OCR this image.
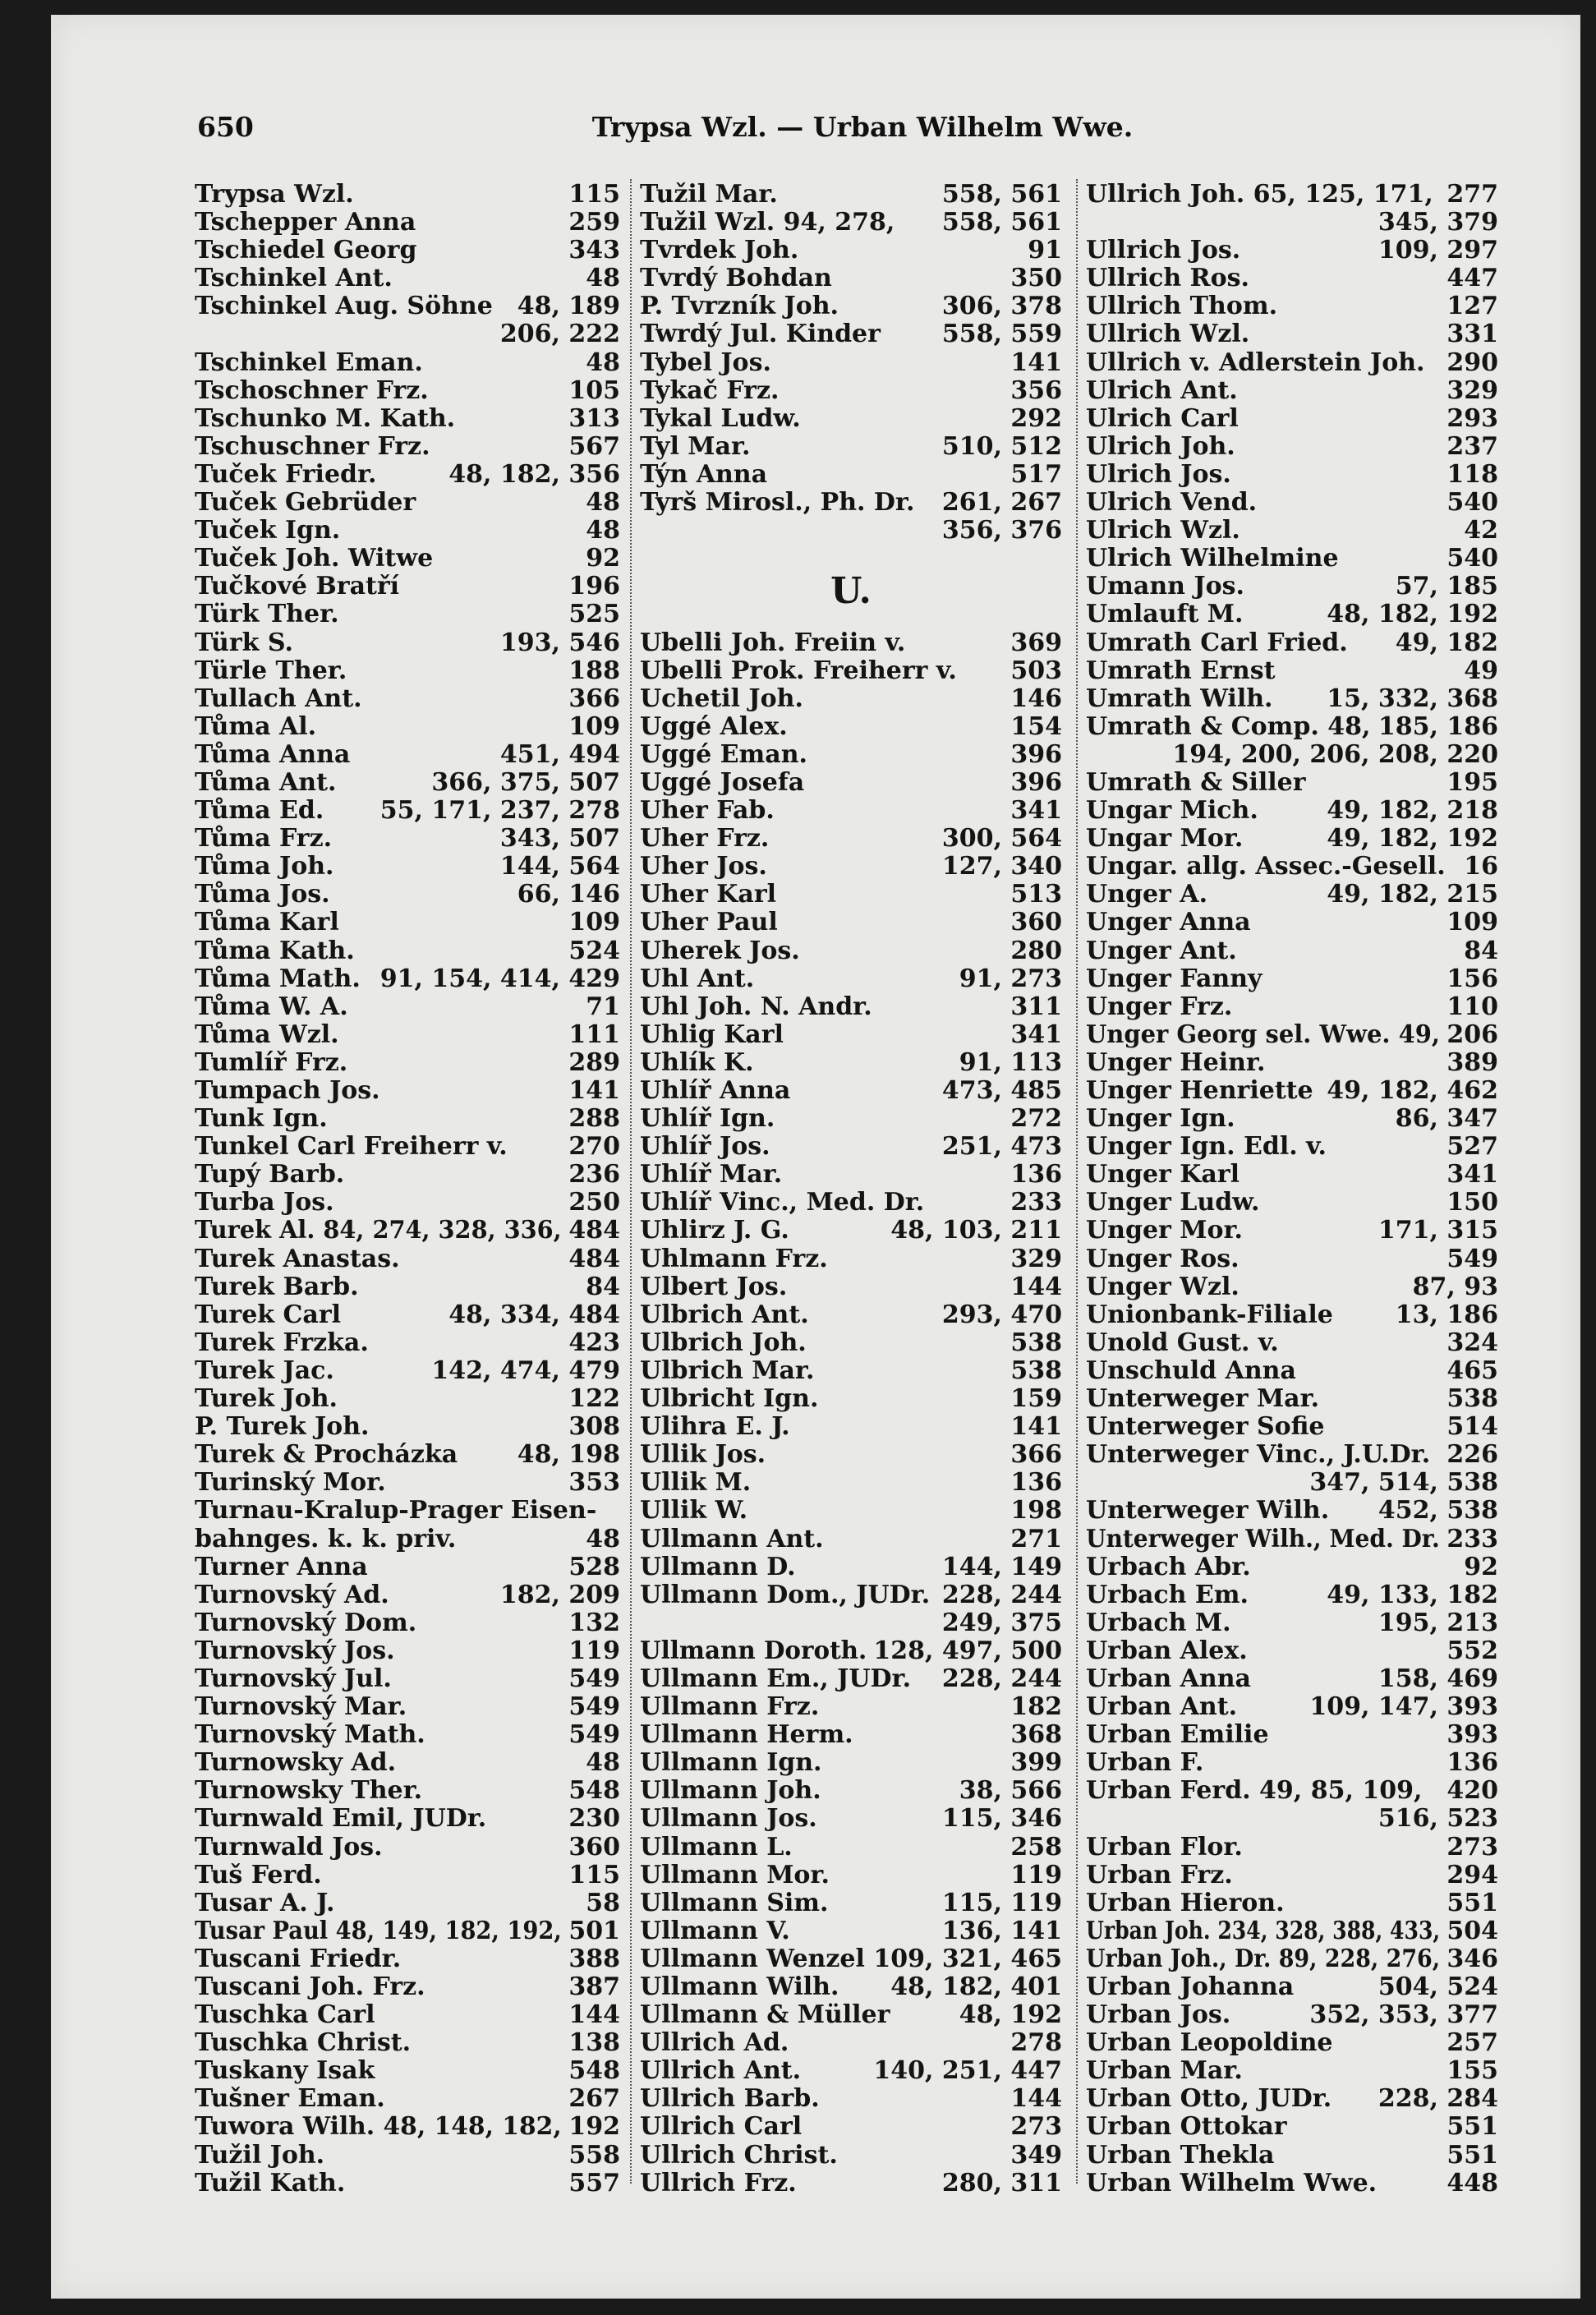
650	Trypsa Wzl. — Urban Wilhelm Wwe.
Trypsa Wzl.	115
Tschepper Anna	259
Tschiedel Georg	343
Tschinkel Ant.	48
Tschinkel Aug. Söhne 48, 189
206, 222
Tschinkel Eman.	48
Tschoschner Frz.	105
Tschunko M. Kath.	313
Tschuschner Frz.	567
Tuček Friedr.	48, 182, 356
Tuček Gebrüder	48
Tuček Ign.	48
Tuček Joh. Witwe	92
Tučkové Bratří	196
Türk Ther.	525
Türk S.	193, 546
Türle Ther.	188
Tullach Ant.	366
Tůma Al.	109
Tůma Anna	451, 494
Tůma Ant.	366, 375, 507
Tůma Ed. 55, 171, 237, 278
Tůma Frz.	343, 507
Tůma Joh.	144, 564
Tůma Jos.	66, 146
Tůma Karl	109
Tůma Kath.	524
Tůma Math. 91, 154, 414, 429
Tůma W. A.	71
Tůma Wzl.	111
Tumlíř Frz.	289
Tumpach Jos.	141
Tunk Ign.	288
Tunkel Carl Freiherr v. 270
Tupý Barb.	236
Turba Jos.	250
Turek Al. 84, 274, 328, 336, 484
Turek Anastas.	484
Turek Barb.	84
Turek Carl	48, 334, 484
Turek Frzka.	423
Turek Jac.	142, 474, 479
Turek Joh.	122
P. Turek Joh.	308
Turek & Procházka 48, 198
Turinský Mor.	353
Turnau-Kralup-Prager Eisen-
bahnges. k. k. priv.	48
Turner Anna	528
Turnovský Ad.	182, 209
Turnovský Dom.	132
Turnovský Jos.	119
Turnovský Jul.	549
Turnovský Mar.	549
Turnovský Math.	549
Turnowsky Ad.	48
Turnowsky Ther.	548
Turnwald Emil, JUDr.	230
Turnwald Jos.	360
Tuš Ferd.	115
Tusar A. J.	58
Tusar Paul 48, 149, 182, 192, 501
Tuscani Friedr.	388
Tuscani Joh. Frz.	387
Tuschka Carl	144
Tuschka Christ.	138
Tuskany Isak	548
Tušner Eman.	267
Tuwora Wilh. 48, 148, 182, 192
Tužil Joh.	558
Tužil Kath.	557
Tužil Mar.	558, 561
Tužil Wzl. 94, 278, 558, 561
Tvrdek Joh.	91
Tvrdý Bohdan	350
P. Tvrzník Joh.	306, 378
Twrdý Jul. Kinder 558, 559
Tybel Jos.	141
Tykač Frz.	356
Tykal Ludw.	292
Tyl Mar.	510, 512
Týn Anna	517
Tyrš Mirosl., Ph. Dr. 261, 267
356, 376
U.
Ubelli Joh. Freiin v.	369
Ubelli Prok. Freiherr v. 503
Uchetil Joh.	146
Uggé Alex.	154
Uggé Eman.	396
Uggé Josefa	396
Uher Fab.	341
Uher Frz.	300, 564
Uher Jos.	127, 340
Uher Karl	513
Uher Paul	360
Uherek Jos.	280
Uhl Ant.	91, 273
Uhl Joh. N. Andr.	311
Uhlig Karl	341
Uhlík K.	91, 113
Uhlíř Anna	473, 485
Uhlíř Ign.	272
Uhlíř Jos.	251, 473
Uhlíř Mar.	136
Uhlíř Vinc., Med. Dr.	233
Uhlirz J. G.	48, 103, 211
Uhlmann Frz.	329
Ulbert Jos.	144
Ulbrich Ant.	293, 470
Ulbrich Joh.	538
Ulbrich Mar.	538
Ulbricht Ign.	159
Ulihra E. J.	141
Ullik Jos.	366
Ullik M.	136
Ullik W.	198
Ullmann Ant.	271
Ullmann D.	144, 149
Ullmann Dom., JUDr. 228, 244
249, 375
Ullmann Doroth. 128, 497, 500
Ullmann Em., JUDr. 228, 244
Ullmann Frz.	182
Ullmann Herm.	368
Ullmann Ign.	399
Ullmann Joh.	38, 566
Ullmann Jos.	115, 346
Ullmann L.	258
Ullmann Mor.	119
Ullmann Sim.	115, 119
Ullmann V.	136, 141
Ullmann Wenzel 109, 321, 465
Ullmann Wilh. 48, 182, 401
Ullmann & Müller	48, 192
Ullrich Ad.	278
Ullrich Ant.	140, 251, 447
Ullrich Barb.	144
Ullrich Carl	273
Ullrich Christ.	349
Ullrich Frz.	280, 311
Ullrich Joh. 65, 125, 171, 277
345, 379
Ullrich Jos.	109, 297
Ullrich Ros.	447
Ullrich Thom.	127
Ullrich Wzl.	331
Ullrich v. Adlerstein Joh. 290
Ulrich Ant.	329
Ulrich Carl	293
Ulrich Joh.	237
Ulrich Jos.	118
Ulrich Vend.	540
Ulrich Wzl.	42
Ulrich Wilhelmine	540
Umann Jos.	57, 185
Umlauft M.	48, 182, 192
Umrath Carl Fried. 49, 182
Umrath Ernst	49
Umrath Wilh. 15, 332, 368
Umrath & Comp. 48, 185, 186
194, 200, 206, 208, 220
Umrath & Siller	195
Ungar Mich.	49, 182, 218
Ungar Mor.	49, 182, 192
Ungar. allg. Assec.-Gesell. 16
Unger A.	49, 182, 215
Unger Anna	109
Unger Ant.	84
Unger Fanny	156
Unger Frz.	110
Unger Georg sel. Wwe. 49, 206
Unger Heinr.	389
Unger Henriette 49, 182, 462
Unger Ign.	86, 347
Unger Ign. Edl. v.	527
Unger Karl	341
Unger Ludw.	150
Unger Mor.	171, 315
Unger Ros.	549
Unger Wzl.	87, 93
Unionbank-Filiale	13, 186
Unold Gust. v.	324
Unschuld Anna	465
Unterweger Mar.	538
Unterweger Sofie	514
Unterweger Vinc., J.U.Dr. 226
347, 514, 538
Unterweger Wilh. 452, 538
Unterweger Wilh., Med. Dr. 233
Urbach Abr.	92
Urbach Em.	49, 133, 182
Urbach M.	195, 213
Urban Alex.	552
Urban Anna	158, 469
Urban Ant.	109, 147, 393
Urban Emilie	393
Urban F.	136
Urban Ferd. 49, 85, 109, 420
516, 523
Urban Flor.	273
Urban Frz.	294
Urban Hieron.	551
Urban Joh. 234, 328, 388, 433, 504
Urban Joh., Dr. 89, 228, 276, 346
Urban Johanna	504, 524
Urban Jos.	352, 353, 377
Urban Leopoldine	257
Urban Mar.	155
Urban Otto, JUDr. 228, 284
Urban Ottokar	551
Urban Thekla	551
Urban Wilhelm Wwe.	448
